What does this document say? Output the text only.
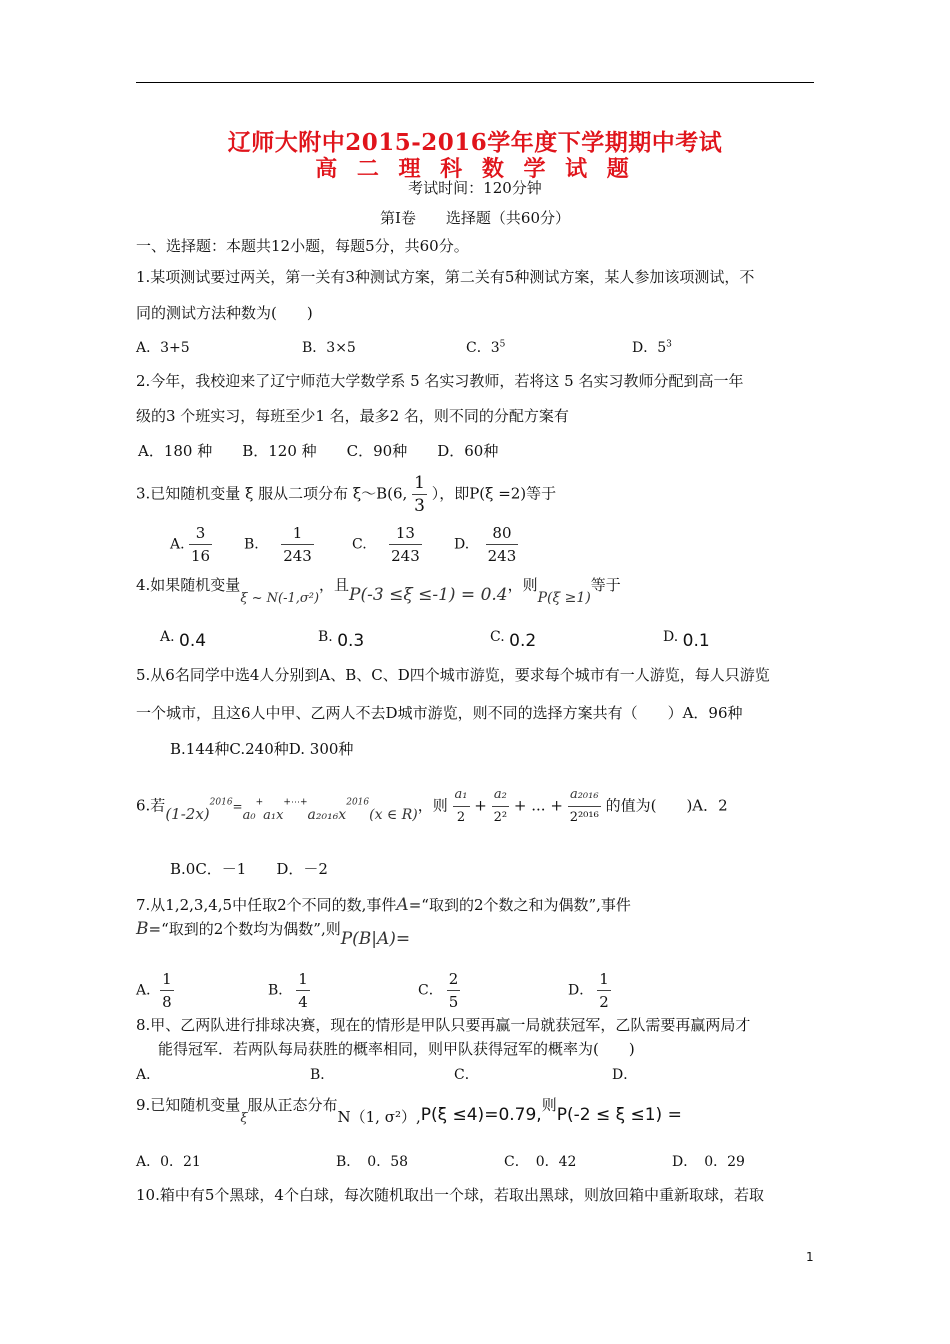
辽师大附中2015-2016学年度下学期期中考试
高 二 理 科 数 学 试 题
考试时间：120分钟
第Ⅰ卷　　选择题（共60分）
一、选择题：本题共12小题，每题5分，共60分。
1.某项测试要过两关，第一关有3种测试方案，第二关有5种测试方案，某人参加该项测试，不
同的测试方法种数为(　　)
A．3+5	B．3×5	C．$3^5$	D．$5^3$
2.今年，我校迎来了辽宁师范大学数学系 5 名实习教师，若将这 5 名实习教师分配到高一年
级的3 个班实习，每班至少1 名，最多2 名，则不同的分配方案有
A．180 种　　B．120 种　　C．90种　　D．60种
3.已知随机变量 ξ 服从二项分布 ξ～B(6, $\frac{1}{3}$ ），即P(ξ =2)等于
A. $\frac{3}{16} B$. $\frac{1}{243}$	C. $\frac{13}{243} D$. $\frac{80}{243}$
4.如果随机变量ξ ~ N(-1,σ²)，且P(-3 ≤ξ ≤-1) = 0.4，则P(ξ ≥1)等于
A. 0.4	B. 0.3	C. 0.2	D. 0.1
5.从6名同学中选4人分别到A、B、C、D四个城市游览，要求每个城市有一人游览，每人只游览
一个城市，且这6人中甲、乙两人不去D城市游览，则不同的选择方案共有（　　）A．96种
B.144种C.240种D. 300种
6.若$(1-2x)^{2016}=a_0^+a_1x^{+\cdots+}a_{2016}x^{2016}(x$ ∈ R)，则 $\frac{\text{a₁}}{2} + \frac{\text{a₂}}{\text{2²}}$ + ... + $\frac{\text{a₂₀₁₆}}{\text{2²⁰¹⁶}}$ 的值为(　　)A．2
B.0C．－1　　D．－2
7.从1,2,3,4,5中任取2个不同的数,事件A=“取到的2个数之和为偶数”,事件
B=“取到的2个数均为偶数”,则P(B|A)=
A． $\frac{1}{8}$	B． $\frac{1}{4}$	C． $\frac{2}{5}$	D． $\frac{1}{2}$
8.甲、乙两队进行排球决赛，现在的情形是甲队只要再赢一局就获冠军，乙队需要再赢两局才
能得冠军．若两队每局获胜的概率相同，则甲队获得冠军的概率为(　　)
A．	B．	C．	D．
9.已知随机变量ξ服从正态分布N（1, σ²）,P(ξ ≤4)=0.79,则P(-2 ≤ ξ ≤1) =
A．0．21	B．　0．58	C．　0．42	D．　0．29
10.箱中有5个黑球，4个白球，每次随机取出一个球，若取出黑球，则放回箱中重新取球，若取
1
